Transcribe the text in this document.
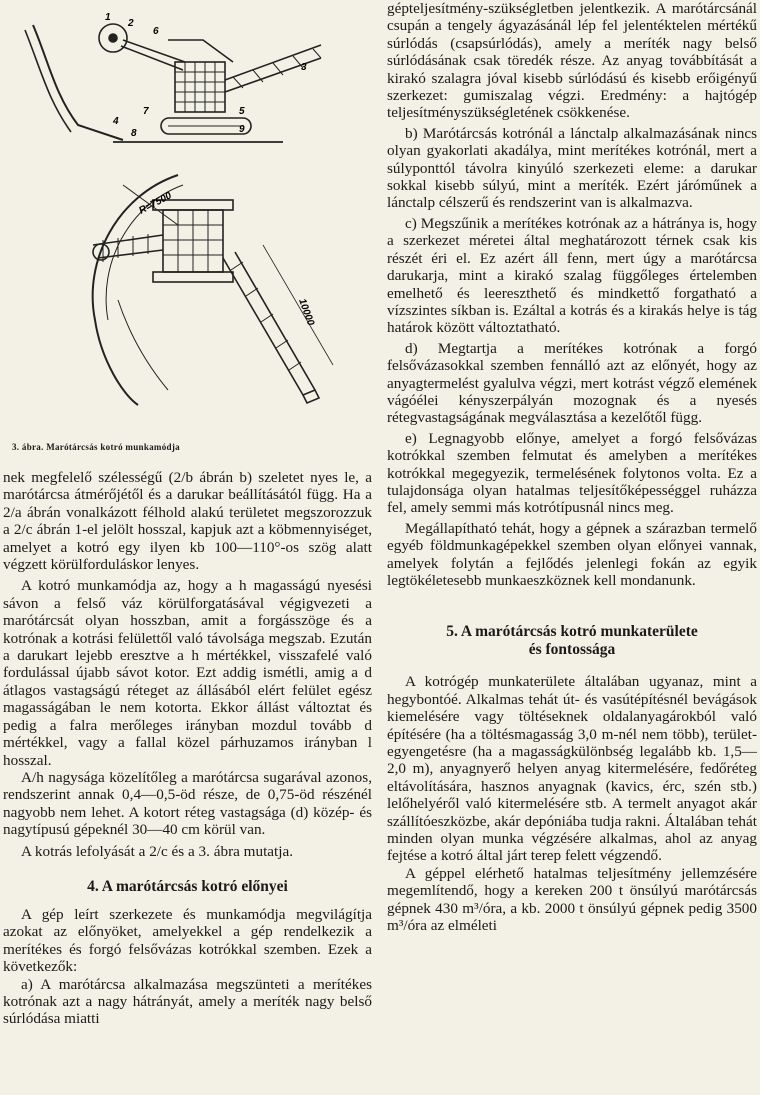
1
2
6
3
7
4
8
5
9
R=7500
10000
3. ábra. Marótárcsás kotró munkamódja

nek megfelelő szélességű (2/b ábrán b) szeletet nyes le, a marótárcsa átmérőjétől és a darukar beállításától függ. Ha a 2/a ábrán vonalkázott félhold alakú területet megszorozzuk a 2/c ábrán 1-el jelölt hosszal, kapjuk azt a köbmennyiséget, amelyet a kotró egy ilyen kb 100—110°-os szög alatt végzett körülforduláskor lenyes.

A kotró munkamódja az, hogy a h magasságú nyesési sávon a felső váz körülforgatásával végigvezeti a marótárcsát olyan hosszban, amit a forgásszöge és a kotrónak a kotrási felülettől való távolsága megszab. Ezután a darukart lejebb eresztve a h mértékkel, visszafelé való fordulással újabb sávot kotor. Ezt addig ismétli, amig a d átlagos vastagságú réteget az állásából elért felület egész magasságában le nem kotorta. Ekkor állást változtat és pedig a falra merőleges irányban mozdul tovább d mértékkel, vagy a fallal közel párhuzamos irányban l hosszal.

A/h nagysága közelítőleg a marótárcsa sugarával azonos, rendszerint annak 0,4—0,5-öd része, de 0,75-öd részénél nagyobb nem lehet. A kotort réteg vastagsága (d) közép- és nagytípusú gépeknél 30—40 cm körül van.

A kotrás lefolyását a 2/c és a 3. ábra mutatja.

4. A marótárcsás kotró előnyei

A gép leírt szerkezete és munkamódja megvilágítja azokat az előnyöket, amelyekkel a gép rendelkezik a merítékes és forgó felsővázas kotrókkal szemben. Ezek a következők:

a) A marótárcsa alkalmazása megszünteti a merítékes kotrónak azt a nagy hátrányát, amely a meríték nagy belső súrlódása miatti

gépteljesítmény-szükségletben jelentkezik. A marótárcsánál csupán a tengely ágyazásánál lép fel jelentéktelen mértékű súrlódás (csapsúrlódás), amely a meríték nagy belső súrlódásának csak töredék része. Az anyag továbbítását a kirakó szalagra jóval kisebb súrlódású és kisebb erőigényű szerkezet: gumiszalag végzi. Eredmény: a hajtógép teljesítményszükségletének csökkenése.

b) Marótárcsás kotrónál a lánctalp alkalmazásának nincs olyan gyakorlati akadálya, mint merítékes kotrónál, mert a súlyponttól távolra kinyúló szerkezeti eleme: a darukar sokkal kisebb súlyú, mint a meríték. Ezért járóműnek a lánctalp célszerű és rendszerint van is alkalmazva.

c) Megszűnik a merítékes kotrónak az a hátránya is, hogy a szerkezet méretei által meghatározott térnek csak kis részét éri el. Ez azért áll fenn, mert úgy a marótárcsa darukarja, mint a kirakó szalag függőleges értelemben emelhető és leereszthető és mindkettő forgatható a vízszintes síkban is. Ezáltal a kotrás és a kirakás helye is tág határok között változtatható.

d) Megtartja a merítékes kotrónak a forgó felsővázasokkal szemben fennálló azt az előnyét, hogy az anyagtermelést gyalulva végzi, mert kotrást végző elemének vágóélei kényszerpályán mozognak és a nyesés rétegvastagságának megválasztása a kezelőtől függ.

e) Legnagyobb előnye, amelyet a forgó felsővázas kotrókkal szemben felmutat és amelyben a merítékes kotrókkal megegyezik, termelésének folytonos volta. Ez a tulajdonsága olyan hatalmas teljesítőképességgel ruházza fel, amely semmi más kotrótípusnál nincs meg.

Megállapítható tehát, hogy a gépnek a szárazban termelő egyéb földmunkagépekkel szemben olyan előnyei vannak, amelyek folytán a fejlődés jelenlegi fokán az egyik legtökéletesebb munkaeszköznek kell mondanunk.

5. A marótárcsás kotró munkaterülete

és fontossága

A kotrógép munkaterülete általában ugyanaz, mint a hegybontóé. Alkalmas tehát út- és vasútépítésnél bevágások kiemelésére vagy töltéseknek oldalanyagárokból való építésére (ha a töltésmagasság 3,0 m-nél nem több), területegyengetésre (ha a magasságkülönbség legalább kb. 1,5—2,0 m), anyagnyerő helyen anyag kitermelésére, fedőréteg eltávolítására, hasznos anyagnak (kavics, érc, szén stb.) lelőhelyéről való kitermelésére stb. A termelt anyagot akár szállítóeszközbe, akár depóniába tudja rakni. Általában tehát minden olyan munka végzésére alkalmas, ahol az anyag fejtése a kotró által járt terep felett végzendő.

A géppel elérhető hatalmas teljesítmény jellemzésére megemlítendő, hogy a kereken 200 t önsúlyú marótárcsás gépnek 430 m³/óra, a kb. 2000 t önsúlyú gépnek pedig 3500 m³/óra az elméleti
